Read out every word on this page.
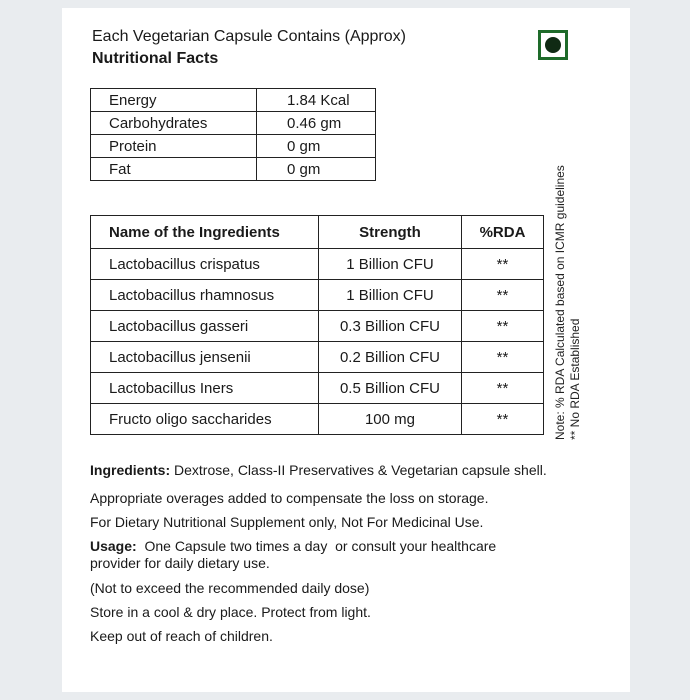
Each Vegetarian Capsule Contains (Approx)
Nutritional Facts
Energy	1.84 Kcal
Carbohydrates	0.46 gm
Protein	0 gm
Fat	0 gm
Name of the Ingredients	Strength	%RDA
Lactobacillus crispatus	1 Billion CFU	**
Lactobacillus rhamnosus	1 Billion CFU	**
Lactobacillus gasseri	0.3 Billion CFU	**
Lactobacillus jensenii	0.2 Billion CFU	**
Lactobacillus Iners	0.5 Billion CFU	**
Fructo oligo saccharides	100 mg	**	Note: % RDA Calculated based on ICMR guidelines ** No RDA Established
Ingredients: Dextrose, Class-II Preservatives & Vegetarian capsule shell.
Appropriate overages added to compensate the loss on storage.
For Dietary Nutritional Supplement only, Not For Medicinal Use.
Usage:  One Capsule two times a day  or consult your healthcare
provider for daily dietary use.
(Not to exceed the recommended daily dose)
Store in a cool & dry place. Protect from light.
Keep out of reach of children.
